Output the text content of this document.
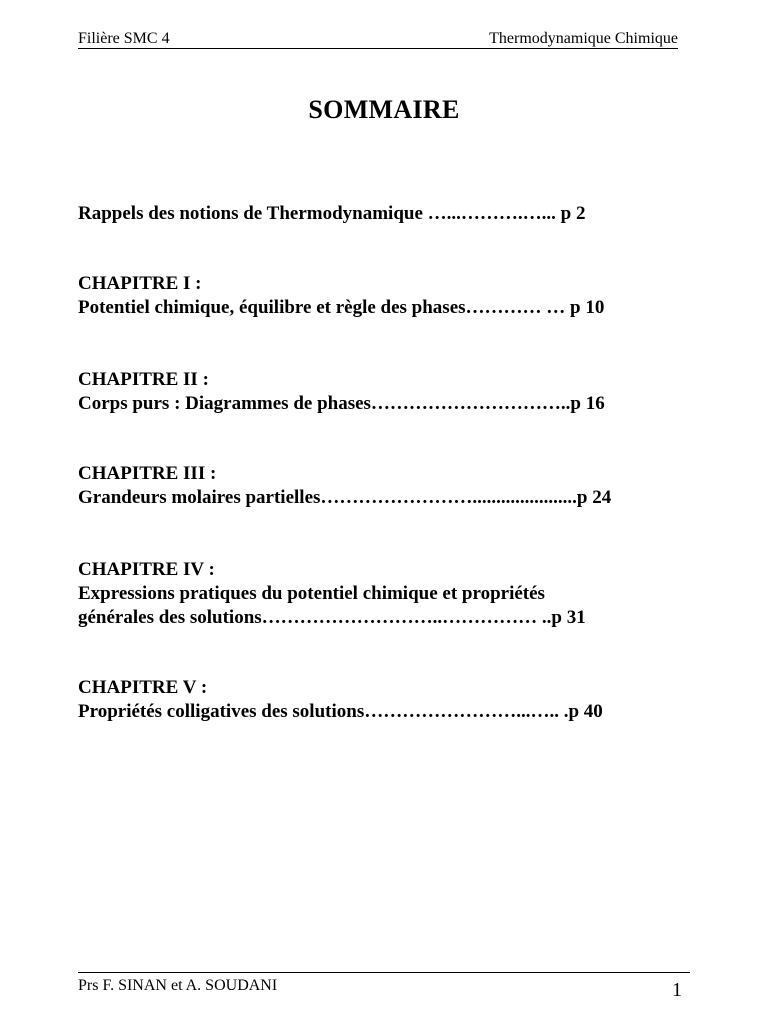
Filière SMC 4	Thermodynamique Chimique
SOMMAIRE
Rappels des notions de Thermodynamique …...……….…... p 2
CHAPITRE I :
Potentiel chimique, équilibre et règle des phases………… … p 10
CHAPITRE II :
Corps purs : Diagrammes de phases…………………………..p 16
CHAPITRE III :
Grandeurs molaires partielles……………………......................p 24
CHAPITRE IV :
Expressions pratiques du potentiel chimique et propriétés
générales des solutions………………………..…………… ..p 31
CHAPITRE V :
Propriétés colligatives des solutions……………………...….. .p 40
Prs F. SINAN et A. SOUDANI	1
